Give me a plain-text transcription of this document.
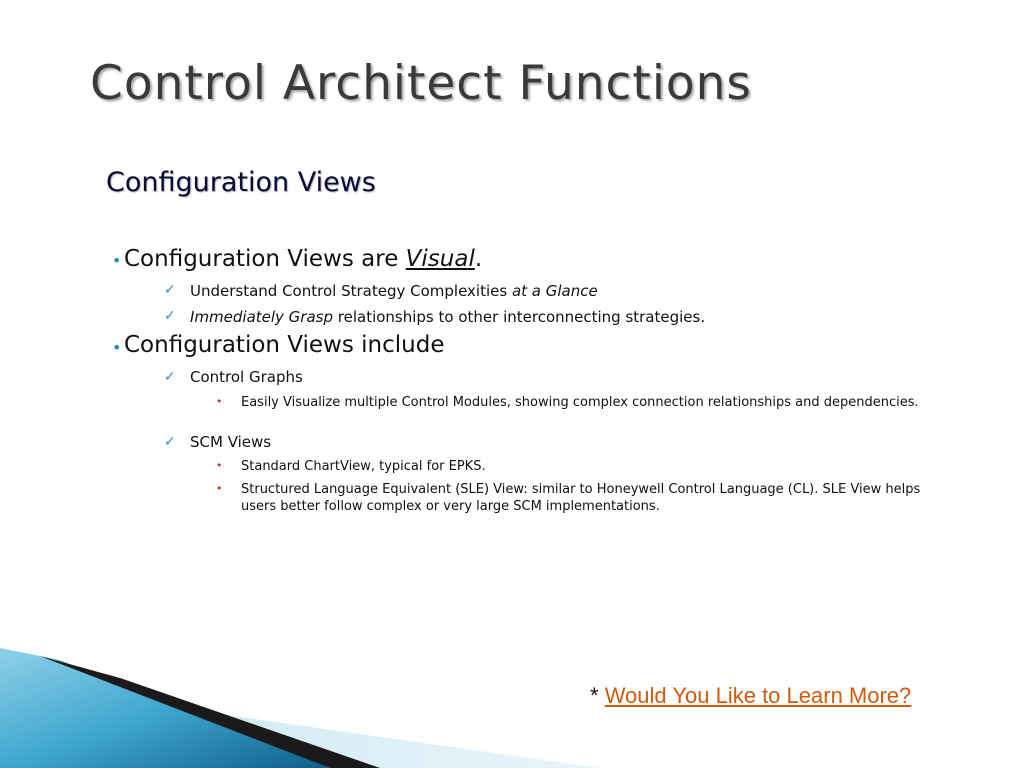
Control Architect Functions
Configuration Views
• Configuration Views are Visual.
✓ Understand Control Strategy Complexities at a Glance
✓ Immediately Grasp relationships to other interconnecting strategies.
• Configuration Views include
✓ Control Graphs
• Easily Visualize multiple Control Modules, showing complex connection relationships and dependencies.
✓ SCM Views
• Standard ChartView, typical for EPKS.
• Structured Language Equivalent (SLE) View: similar to Honeywell Control Language (CL). SLE View helps users better follow complex or very large SCM implementations.
* Would You Like to Learn More?
